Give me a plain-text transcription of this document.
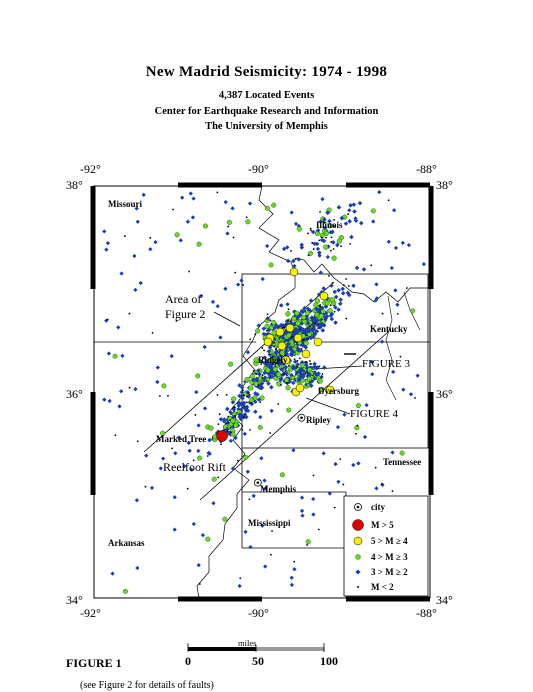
New Madrid Seismicity: 1974 - 1998
4,387 Located Events
Center for Earthquake Research and Information
The University of Memphis
-92°	-90°	-88°
38°	38°
36°	36°
34°	34°
-92°	-90°	-88°
Missouri
Illinois
Kentucky
Tennessee
Mississippi
Arkansas
Ridgely
Dyersburg
Ripley
Marked Tree
Memphis
Area of
Figure 2
FIGURE 3
FIGURE 4
Reelfoot Rift
city
M > 5
5 > M ≥ 4
4 > M ≥ 3
3 > M ≥ 2
M < 2
miles
0	50	100
FIGURE 1
(see Figure 2 for details of faults)
